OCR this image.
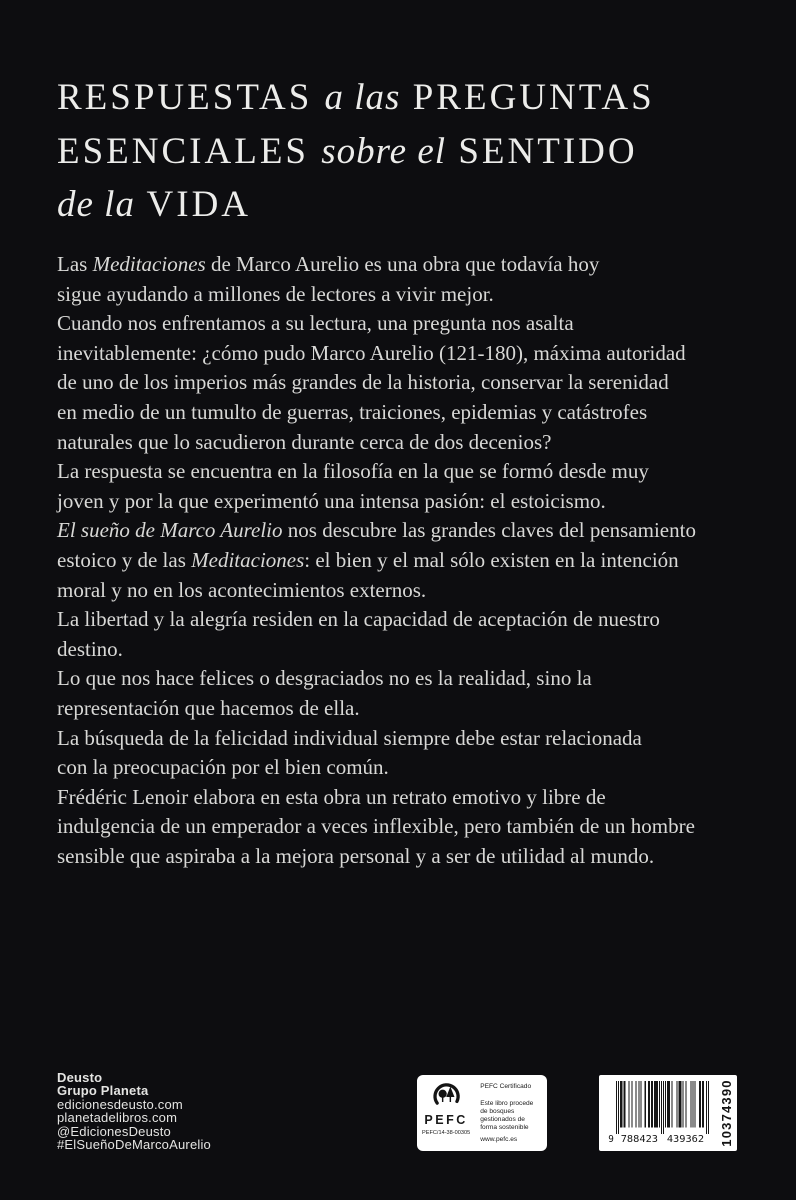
RESPUESTAS a las PREGUNTAS
ESENCIALES sobre el SENTIDO
de la VIDA
Las Meditaciones de Marco Aurelio es una obra que todavía hoy
sigue ayudando a millones de lectores a vivir mejor.
Cuando nos enfrentamos a su lectura, una pregunta nos asalta
inevitablemente: ¿cómo pudo Marco Aurelio (121-180), máxima autoridad
de uno de los imperios más grandes de la historia, conservar la serenidad
en medio de un tumulto de guerras, traiciones, epidemias y catástrofes
naturales que lo sacudieron durante cerca de dos decenios?
La respuesta se encuentra en la filosofía en la que se formó desde muy
joven y por la que experimentó una intensa pasión: el estoicismo.
El sueño de Marco Aurelio nos descubre las grandes claves del pensamiento
estoico y de las Meditaciones: el bien y el mal sólo existen en la intención
moral y no en los acontecimientos externos.
La libertad y la alegría residen en la capacidad de aceptación de nuestro
destino.
Lo que nos hace felices o desgraciados no es la realidad, sino la
representación que hacemos de ella.
La búsqueda de la felicidad individual siempre debe estar relacionada
con la preocupación por el bien común.
Frédéric Lenoir elabora en esta obra un retrato emotivo y libre de
indulgencia de un emperador a veces inflexible, pero también de un hombre
sensible que aspiraba a la mejora personal y a ser de utilidad al mundo.
Deusto
Grupo Planeta
edicionesdeusto.com
planetadelibros.com
@EdicionesDeusto
#ElSueñoDeMarcoAurelio
PEFC
PEFC/14-38-00305
PEFC Certificado
Este libro procede de bosques gestionados de forma sostenible
www.pefc.es	9 788423 439362 10374390
